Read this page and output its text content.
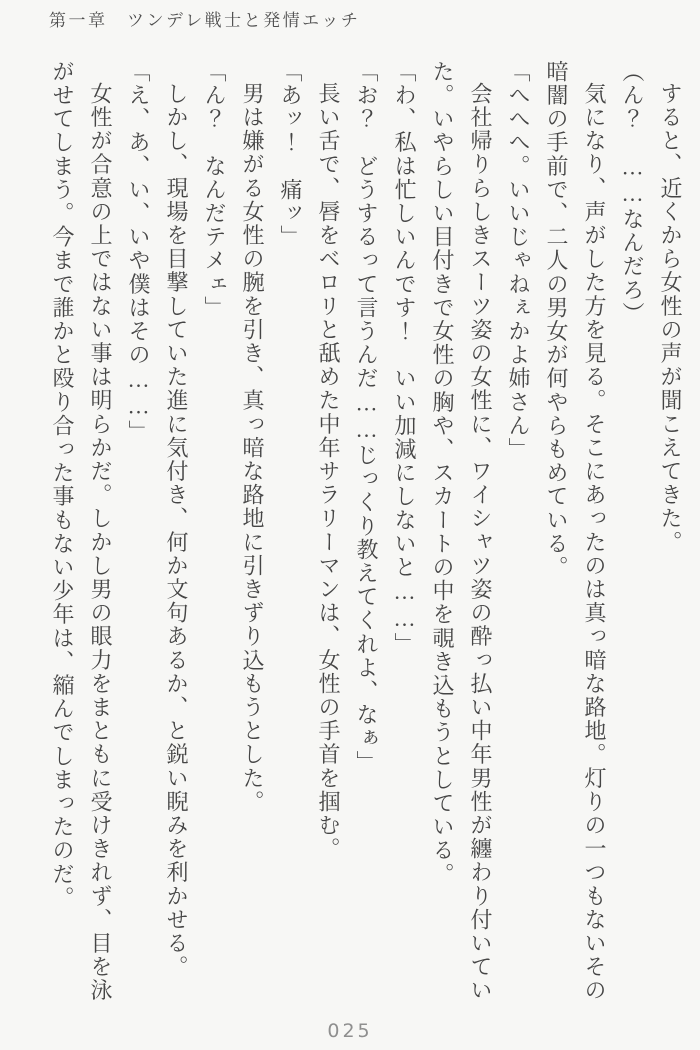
第一章　ツンデレ戦士と発情エッチ

すると、近くから女性の声が聞こえてきた。

（ん？　……なんだろ）

気になり、声がした方を見る。そこにあったのは真っ暗な路地。灯りの一つもないその暗闇の手前で、二人の男女が何やらもめている。

「へへへ。いいじゃねぇかよ姉さん」

会社帰りらしきスーツ姿の女性に、ワイシャツ姿の酔っ払い中年男性が纏わり付いていた。いやらしい目付きで女性の胸や、スカートの中を覗き込もうとしている。

「わ、私は忙しいんです！　いい加減にしないと……」

「お？　どうするって言うんだ……じっくり教えてくれよ、なぁ」

長い舌で、唇をベロリと舐めた中年サラリーマンは、女性の手首を掴む。

「あッ！　痛ッ」

男は嫌がる女性の腕を引き、真っ暗な路地に引きずり込もうとした。

「ん？　なんだテメェ」

しかし、現場を目撃していた進に気付き、何か文句あるか、と鋭い睨みを利かせる。

「え、あ、い、いや僕はその……」

女性が合意の上ではない事は明らかだ。しかし男の眼力をまともに受けきれず、目を泳がせてしまう。今まで誰かと殴り合った事もない少年は、縮んでしまったのだ。

025
